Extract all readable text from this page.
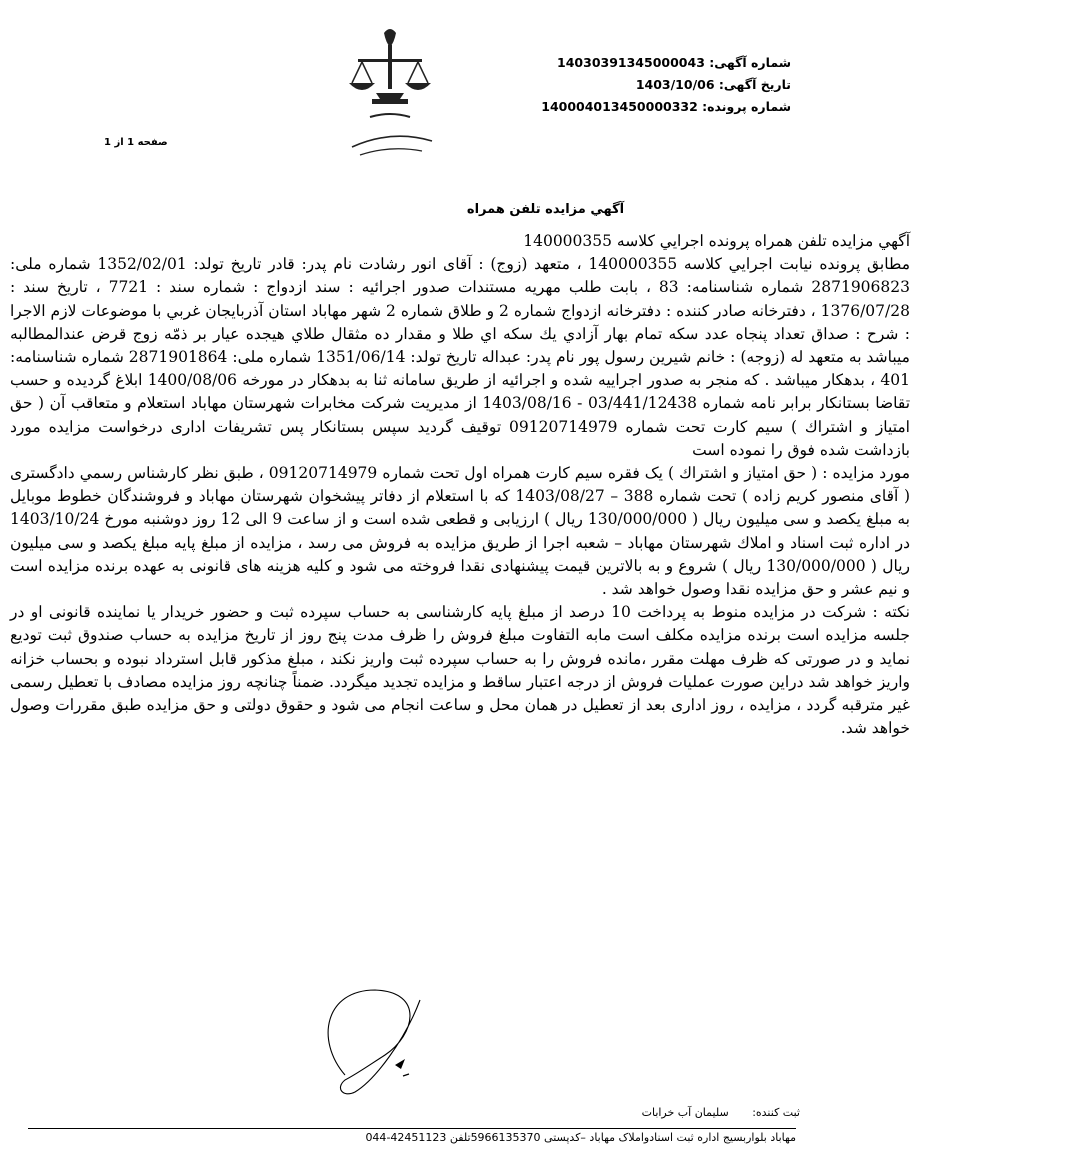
شماره آگهی: 14030391345000043
تاریخ آگهی: 1403/10/06
شماره پرونده: 140004013450000332
صفحه 1 از 1
آگهي مزايده تلفن همراه

آگهي مزايده تلفن همراه پرونده اجرايي كلاسه 140000355

مطابق پرونده نيابت اجرايي كلاسه 140000355 ، متعهد (زوج) : آقای انور رشادت نام پدر: قادر تاریخ تولد: 1352/02/01 شماره ملی: 2871906823 شماره شناسنامه: 83 ، بابت طلب مهريه مستندات صدور اجرائيه : سند ازدواج : شماره سند : 7721 ، تاريخ سند : 1376/07/28 ، دفترخانه صادر كننده : دفترخانه ازدواج شماره 2 و طلاق شماره 2 شهر مهاباد استان آذربايجان غربي با موضوعات لازم الاجرا : شرح : صداق تعداد پنجاه عدد سكه تمام بهار آزادي يك سكه اي طلا و مقدار ده مثقال طلاي هيجده عيار بر ذمّه زوج قرض عندالمطالبه ميباشد به متعهد له (زوجه) : خانم شيرين رسول پور نام پدر: عبداله تاريخ تولد: 1351/06/14 شماره ملی: 2871901864 شماره شناسنامه: 401 ، بدهكار ميباشد . كه منجر به صدور اجراييه شده و اجرائيه از طريق سامانه ثنا به بدهكار در مورخه 1400/08/06 ابلاغ گرديده و حسب تقاضا بستانكار برابر نامه شماره 03/441/12438 - 1403/08/16 از مديريت شركت مخابرات شهرستان مهاباد استعلام و متعاقب آن ( حق امتياز و اشتراك ) سيم كارت تحت شماره 09120714979 توقيف گرديد سپس بستانكار پس تشريفات اداری درخواست مزايده مورد بازداشت شده فوق را نموده است

مورد مزايده : ( حق امتياز و اشتراك ) يک فقره سيم كارت همراه اول تحت شماره 09120714979 ، طبق نظر كارشناس رسمي دادگستری ( آقای منصور كريم زاده ) تحت شماره 388 – 1403/08/27 كه با استعلام از دفاتر پيشخوان شهرستان مهاباد و فروشندگان خطوط موبايل به مبلغ يكصد و سی ميليون ريال ( 130/000/000 ريال ) ارزيابی و قطعی شده است و از ساعت 9 الی 12 روز دوشنبه مورخ 1403/10/24 در اداره ثبت اسناد و املاك شهرستان مهاباد – شعبه اجرا از طريق مزايده به فروش می رسد ، مزايده از مبلغ پايه مبلغ يكصد و سی ميليون ريال ( 130/000/000 ريال ) شروع و به بالاترين قيمت پيشنهادی نقدا فروخته می شود و كليه هزينه های قانونی به عهده برنده مزايده است و نيم عشر و حق مزايده نقدا وصول خواهد شد .

نكته : شركت در مزايده منوط به پرداخت 10 درصد از مبلغ پايه كارشناسی به حساب سپرده ثبت و حضور خريدار يا نماينده قانونی او در جلسه مزايده است برنده مزايده مكلف است مابه التفاوت مبلغ فروش را ظرف مدت پنج روز از تاريخ مزايده به حساب صندوق ثبت توديع نمايد و در صورتی كه ظرف مهلت مقرر ،مانده فروش را به حساب سپرده ثبت واريز نكند ، مبلغ مذكور قابل استرداد نبوده و بحساب خزانه واريز خواهد شد دراين صورت عمليات فروش از درجه اعتبار ساقط و مزايده تجديد ميگردد. ضمناً چنانچه روز مزايده مصادف با تعطيل رسمی غير مترقبه گردد ، مزايده ، روز اداری بعد از تعطيل در همان محل و ساعت انجام می شود و حقوق دولتی و حق مزايده طبق مقررات وصول خواهد شد.

ثبت كننده: سليمان آب خرابات
مهاباد بلواربسيج اداره ثبت اسنادواملاک مهاباد –كدپستی 5966135370تلفن 42451123-044
